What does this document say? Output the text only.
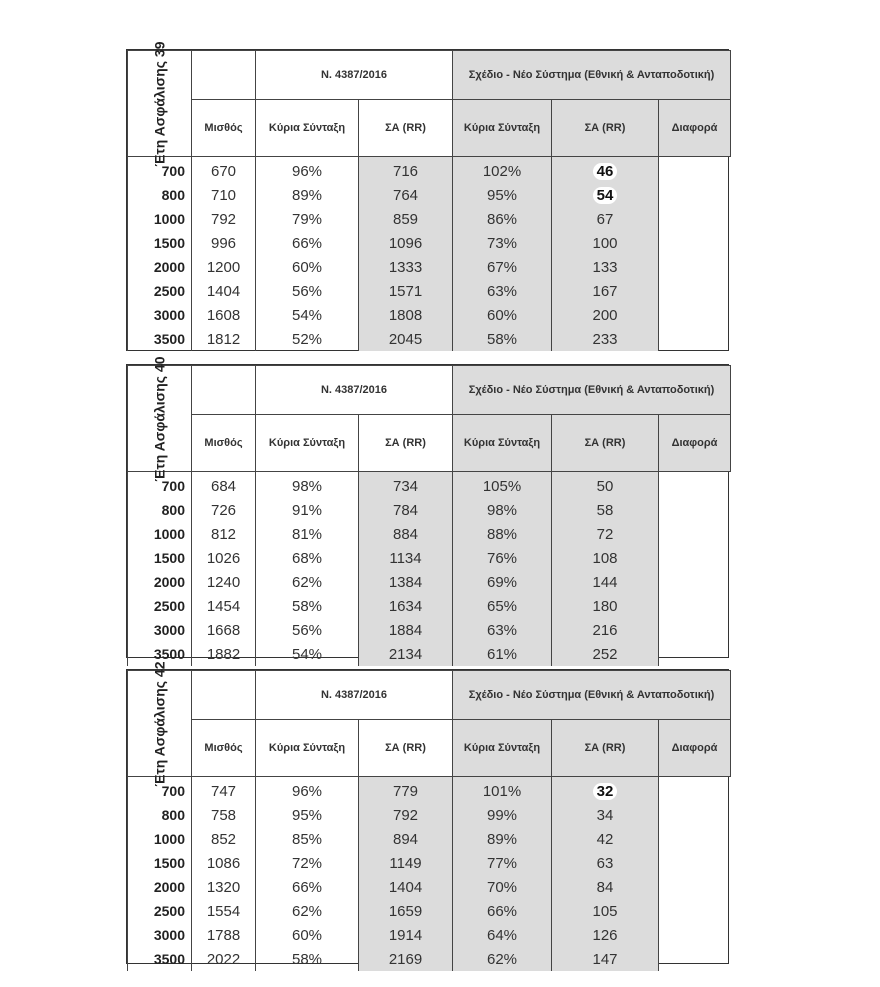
Έτη Ασφάλισης 39		Ν. 4387/2016		Σχέδιο - Νέο Σύστημα (Εθνική & Ανταποδοτική)		
	Μισθός	Κύρια Σύνταξη	ΣΑ (RR)	Κύρια Σύνταξη	ΣΑ (RR)	Διαφορά
700	670	96%	716	102%	46	
800	710	89%	764	95%	54	
1000	792	79%	859	86%	67	
1500	996	66%	1096	73%	100	
2000	1200	60%	1333	67%	133	
2500	1404	56%	1571	63%	167	
3000	1608	54%	1808	60%	200	
3500	1812	52%	2045	58%	233	
Έτη Ασφάλισης 40		Ν. 4387/2016		Σχέδιο - Νέο Σύστημα (Εθνική & Ανταποδοτική)		
	Μισθός	Κύρια Σύνταξη	ΣΑ (RR)	Κύρια Σύνταξη	ΣΑ (RR)	Διαφορά
700	684	98%	734	105%	50	
800	726	91%	784	98%	58	
1000	812	81%	884	88%	72	
1500	1026	68%	1134	76%	108	
2000	1240	62%	1384	69%	144	
2500	1454	58%	1634	65%	180	
3000	1668	56%	1884	63%	216	
3500	1882	54%	2134	61%	252	
Έτη Ασφάλισης 42		Ν. 4387/2016		Σχέδιο - Νέο Σύστημα (Εθνική & Ανταποδοτική)		
	Μισθός	Κύρια Σύνταξη	ΣΑ (RR)	Κύρια Σύνταξη	ΣΑ (RR)	Διαφορά
700	747	96%	779	101%	32	
800	758	95%	792	99%	34	
1000	852	85%	894	89%	42	
1500	1086	72%	1149	77%	63	
2000	1320	66%	1404	70%	84	
2500	1554	62%	1659	66%	105	
3000	1788	60%	1914	64%	126	
3500	2022	58%	2169	62%	147	
